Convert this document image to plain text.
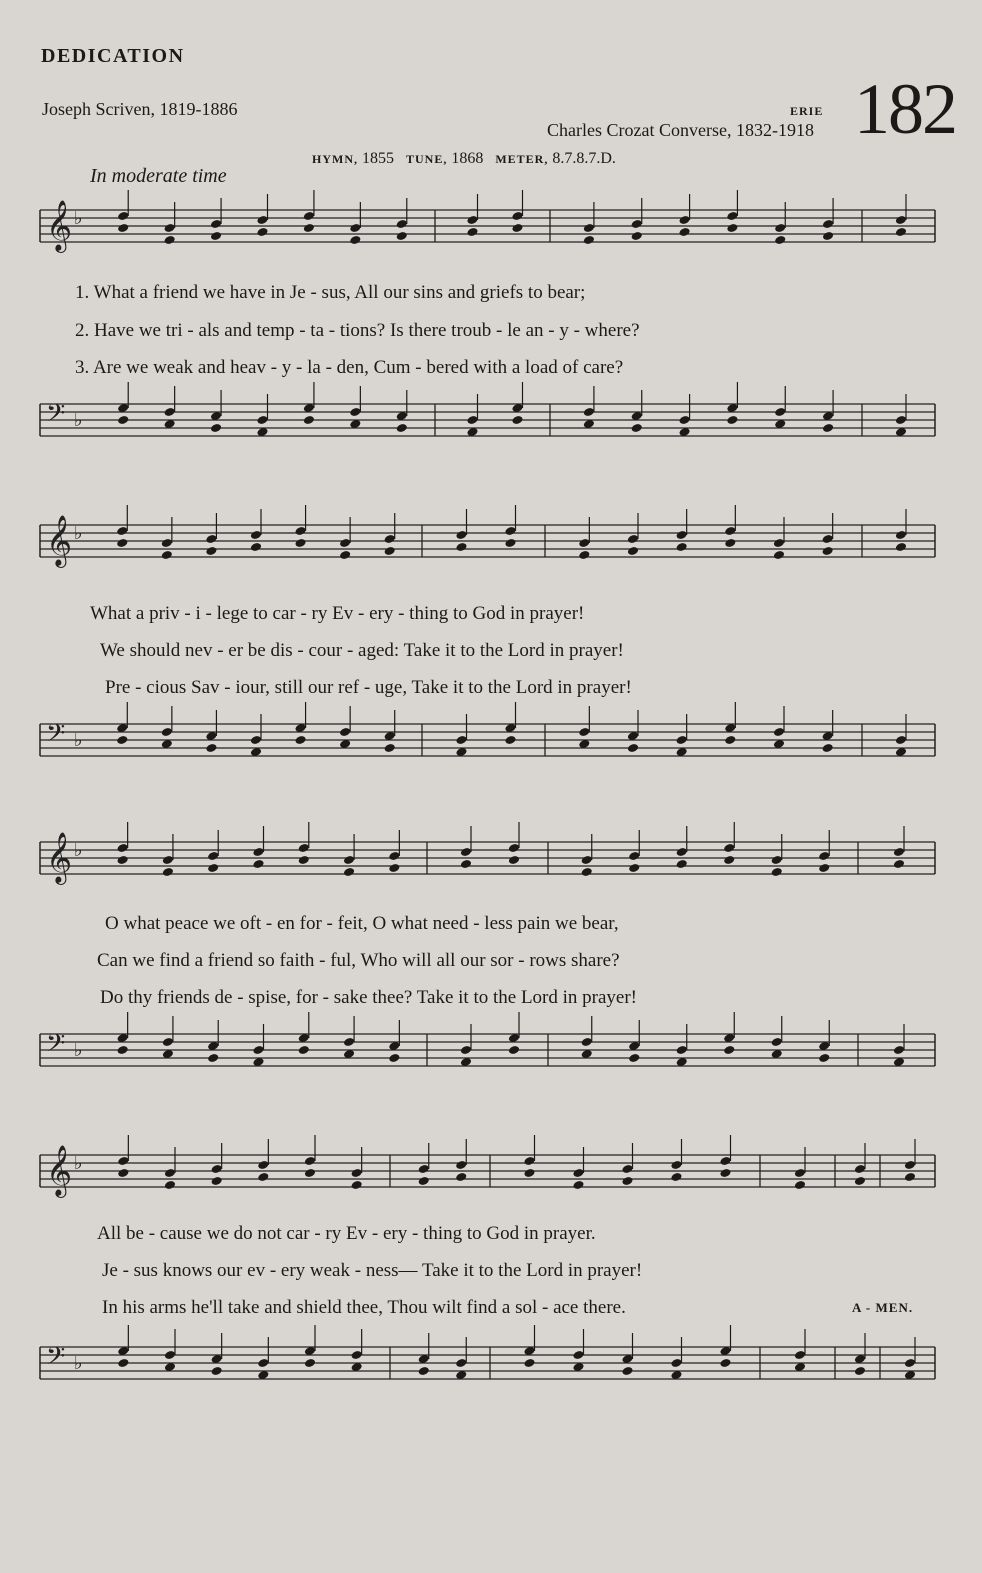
DEDICATION
Joseph Scriven, 1819-1886	ERIE
Charles Crozat Converse, 1832-1918 182
HYMN, 1855 TUNE, 1868 METER, 8.7.8.7.D.
In moderate time
𝄞 ♭
1. What a friend we have in Je - sus, All our sins and griefs to bear;
2. Have we tri - als and temp - ta - tions? Is there troub - le an - y - where?
3. Are we weak and heav - y - la - den, Cum - bered with a load of care?
𝄢 ♭
𝄞 ♭
What a priv - i - lege to car - ry Ev - ery - thing to God in prayer!
We should nev - er be dis - cour - aged: Take it to the Lord in prayer!
Pre - cious Sav - iour, still our ref - uge, Take it to the Lord in prayer!
𝄢 ♭
𝄞 ♭
O what peace we oft - en for - feit, O what need - less pain we bear,
Can we find a friend so faith - ful, Who will all our sor - rows share?
Do thy friends de - spise, for - sake thee? Take it to the Lord in prayer!
𝄢 ♭
𝄞 ♭
All be - cause we do not car - ry Ev - ery - thing to God in prayer.
Je - sus knows our ev - ery weak - ness— Take it to the Lord in prayer!
In his arms he'll take and shield thee, Thou wilt find a sol - ace there.	A - MEN.
𝄢 ♭
